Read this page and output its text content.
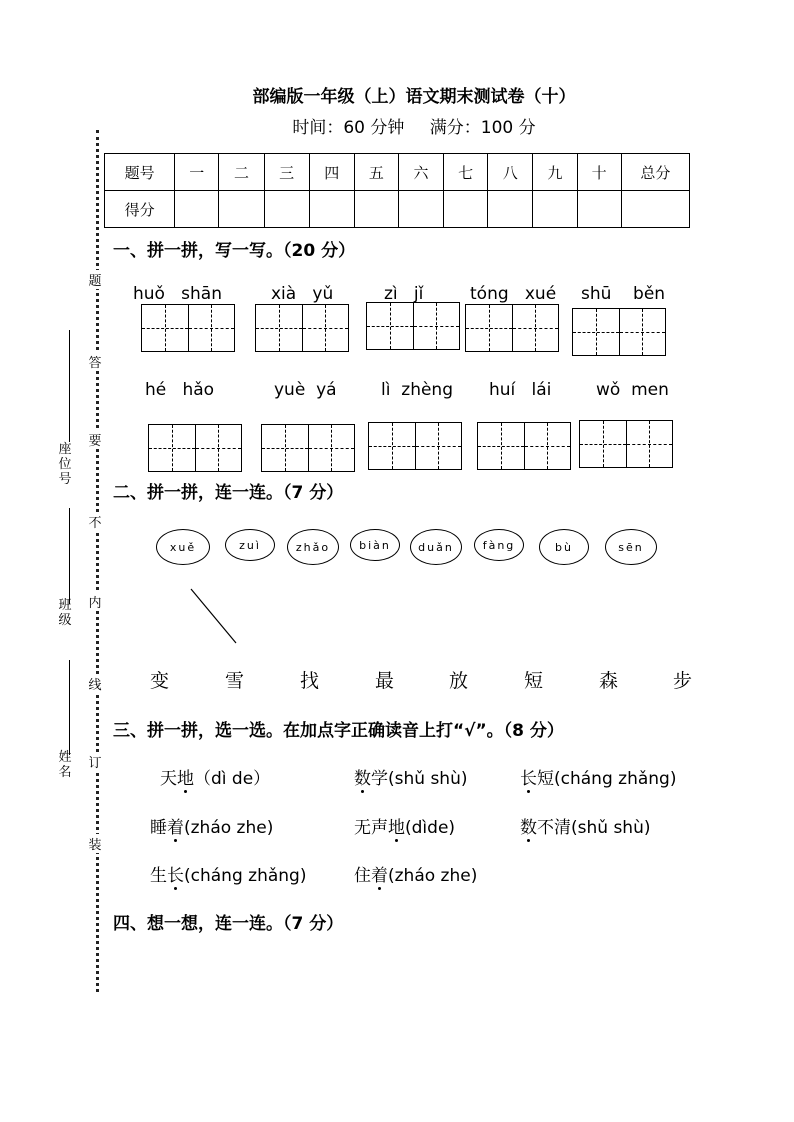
题
答
要
不
内
线
订
装
座位号
班级
姓名
部编版一年级（上）语文期末测试卷（十）
时间：60 分钟 满分：100 分
题号	一	二	三	四	五	六	七	八	九	十	总分
得分											
一、拼一拼，写一写。（20 分）
huǒ shān	xià yǔ	zì jǐ	tóng xué shū běn
hé hǎo	yuè yá	lì zhèng huí lái	wǒ men
二、拼一拼，连一连。（7 分）
xuě	zuì	zhǎo	biàn	duǎn	fàng	bù	sēn
变	雪	找	最	放	短	森	步
三、拼一拼，选一选。在加点字正确读音上打“√”。（8 分）
天地（dì de）	数学(shǔ shù)	长短(cháng zhǎng)
睡着(zháo zhe)	无声地(dìde)	数不清(shǔ shù)
生长(cháng zhǎng)	住着(zháo zhe)
四、想一想，连一连。（7 分）
